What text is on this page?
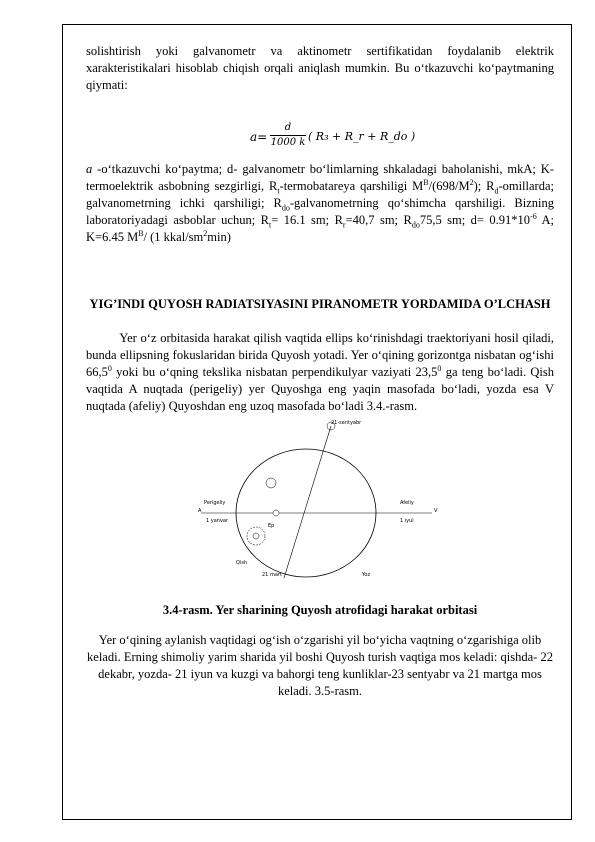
solishtirish yoki galvanometr va aktinometr sertifikatidan foydalanib elektrik xarakteristikalari hisoblab chiqish orqali aniqlash mumkin. Bu o‘tkazuvchi ko‘paytmaning qiymati:
a=
d
1000 k ( R₃ + R_r + R_do )
a -o‘tkazuvchi ko‘paytma; d- galvanometr bo‘limlarning shkaladagi baholanishi, mkA; K- termoelektrik asbobning sezgirligi, $R_t$-termobatareya qarshiligi $M^B/(698/M^2)$; $R_d$-omillarda; galvanometrning ichki qarshiligi; $R_{do}$-galvanometrning qo‘shimcha qarshiligi. Bizning laboratoriyadagi asboblar uchun; $R_t= 16.1$ sm; $R_r=40,7$ sm; $R_{do}75,5$ sm; $d= 0.91*10^{-6}$ A; K=6.45 $M^B/$ (1 kkal/$sm^2\min$)
YIG’INDI QUYOSH RADIATSIYASINI PIRANOMETR YORDAMIDA O’LCHASH
Yer o‘z orbitasida harakat qilish vaqtida ellips ko‘rinishdagi traektoriyani hosil qiladi, bunda ellipsning fokuslaridan birida Quyosh yotadi. Yer o‘qining gorizontga nisbatan og‘ishi 66,5$^0$ yoki bu o‘qning tekslika nisbatan perpendikulyar vaziyati 23,5$^0$ ga teng bo‘ladi. Qish vaqtida A nuqtada (perigeliy) yer Quyoshga eng yaqin masofada bo‘ladi, yozda esa V nuqtada (afeliy) Quyoshdan eng uzoq masofada bo‘ladi 3.4.-rasm.
21-sentyabr
Perigeliy	Afeliy
1 yanvar	1 iyul
Ep
A	V
Qish
21 mart	Yoz
3.4-rasm. Yer sharining Quyosh atrofidagi harakat orbitasi
Yer o‘qining aylanish vaqtidagi og‘ish o‘zgarishi yil bo‘yicha vaqtning o‘zgarishiga olib keladi. Erning shimoliy yarim sharida yil boshi Quyosh turish vaqtiga mos keladi: qishda- 22 dekabr, yozda- 21 iyun va kuzgi va bahorgi teng kunliklar-23 sentyabr va 21 martga mos keladi. 3.5-rasm.
